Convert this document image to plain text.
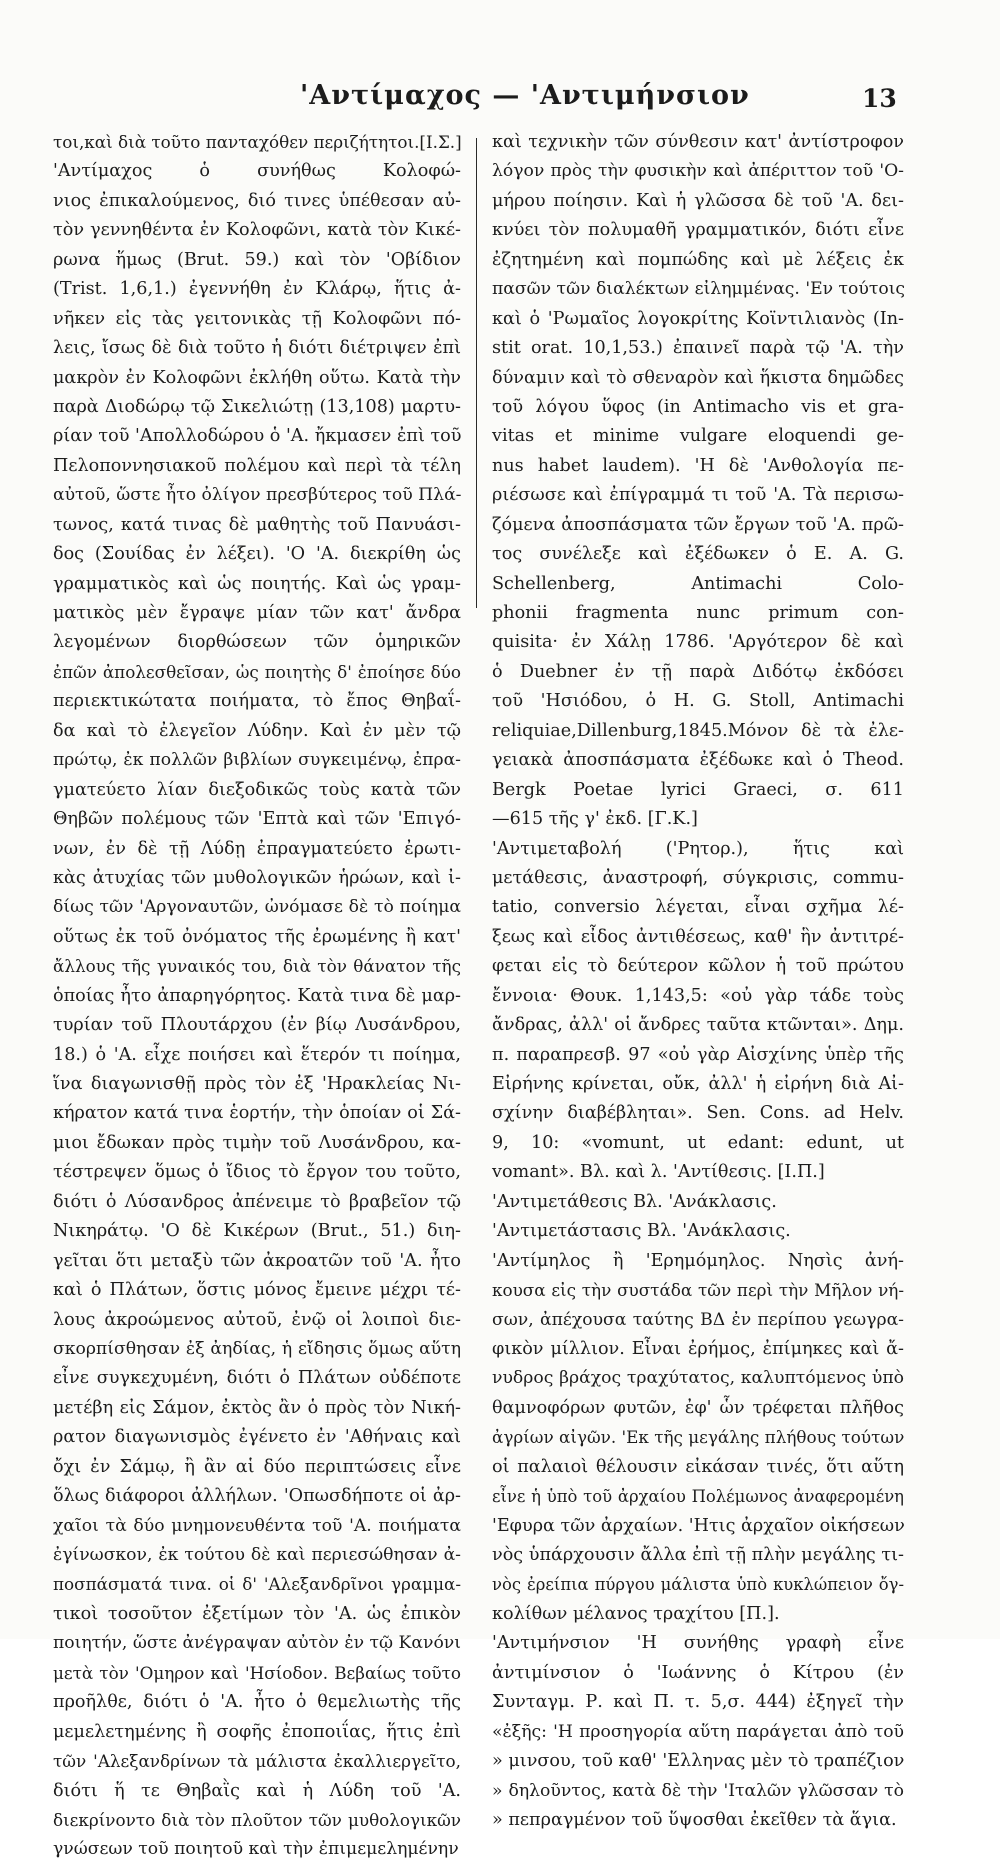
'Αντίμαχος — 'Αντιμήνσιον	13
τοι,καὶ διὰ τοῦτο πανταχόθεν περιζήτητοι.[Ι.Σ.]
'Αντίμαχος ὁ συνήθως Κολοφώ-
νιος ἐπικαλούμενος, διό τινες ὑπέθεσαν αὐ-
τὸν γεννηθέντα ἐν Κολοφῶνι, κατὰ τὸν Κικέ-
ρωνα ἥμως (Brut. 59.) καὶ τὸν 'Οβίδιον
(Trist. 1,6,1.) ἐγεννήθη ἐν Κλάρῳ, ἥτις ἀ-
νῆκεν εἰς τὰς γειτονικὰς τῇ Κολοφῶνι πό-
λεις, ἴσως δὲ διὰ τοῦτο ἡ διότι διέτριψεν ἐπὶ
μακρὸν ἐν Κολοφῶνι ἐκλήθη οὕτω. Κατὰ τὴν
παρὰ Διοδώρῳ τῷ Σικελιώτῃ (13,108) μαρτυ-
ρίαν τοῦ 'Απολλοδώρου ὁ 'Α. ἤκμασεν ἐπὶ τοῦ
Πελοποννησιακοῦ πολέμου καὶ περὶ τὰ τέλη
αὐτοῦ, ὥστε ἦτο ὀλίγον πρεσβύτερος τοῦ Πλά-
τωνος, κατά τινας δὲ μαθητὴς τοῦ Πανυάσι-
δος (Σουίδας ἐν λέξει). 'Ο 'Α. διεκρίθη ὡς
γραμματικὸς καὶ ὡς ποιητής. Καὶ ὡς γραμ-
ματικὸς μὲν ἔγραψε μίαν τῶν κατ' ἄνδρα
λεγομένων διορθώσεων τῶν ὁμηρικῶν
ἐπῶν ἀπολεσθεῖσαν, ὡς ποιητὴς δ' ἐποίησε δύο
περιεκτικώτατα ποιήματα, τὸ ἔπος Θηβαΐ-
δα καὶ τὸ ἐλεγεῖον Λύδην. Καὶ ἐν μὲν τῷ
πρώτῳ, ἐκ πολλῶν βιβλίων συγκειμένῳ, ἐπρα-
γματεύετο λίαν διεξοδικῶς τοὺς κατὰ τῶν
Θηβῶν πολέμους τῶν 'Επτὰ καὶ τῶν 'Επιγό-
νων, ἐν δὲ τῇ Λύδῃ ἐπραγματεύετο ἐρωτι-
κὰς ἀτυχίας τῶν μυθολογικῶν ἡρώων, καὶ ἰ-
δίως τῶν 'Αργοναυτῶν, ὠνόμασε δὲ τὸ ποίημα
οὕτως ἐκ τοῦ ὀνόματος τῆς ἐρωμένης ἢ κατ'
ἄλλους τῆς γυναικός του, διὰ τὸν θάνατον τῆς
ὁποίας ἦτο ἀπαρηγόρητος. Κατὰ τινα δὲ μαρ-
τυρίαν τοῦ Πλουτάρχου (ἐν βίῳ Λυσάνδρου,
18.) ὁ 'Α. εἶχε ποιήσει καὶ ἕτερόν τι ποίημα,
ἵνα διαγωνισθῇ πρὸς τὸν ἐξ 'Ηρακλείας Νι-
κήρατον κατά τινα ἑορτήν, τὴν ὁποίαν οἱ Σά-
μιοι ἔδωκαν πρὸς τιμὴν τοῦ Λυσάνδρου, κα-
τέστρεψεν ὅμως ὁ ἴδιος τὸ ἔργον του τοῦτο,
διότι ὁ Λύσανδρος ἀπένειμε τὸ βραβεῖον τῷ
Νικηράτῳ. 'Ο δὲ Κικέρων (Brut., 51.) διη-
γεῖται ὅτι μεταξὺ τῶν ἀκροατῶν τοῦ 'Α. ἦτο
καὶ ὁ Πλάτων, ὅστις μόνος ἔμεινε μέχρι τέ-
λους ἀκροώμενος αὐτοῦ, ἐνῷ οἱ λοιποὶ διε-
σκορπίσθησαν ἐξ ἀηδίας, ἡ εἴδησις ὅμως αὕτη
εἶνε συγκεχυμένη, διότι ὁ Πλάτων οὐδέποτε
μετέβη εἰς Σάμον, ἐκτὸς ἂν ὁ πρὸς τὸν Νική-
ρατον διαγωνισμὸς ἐγένετο ἐν 'Αθήναις καὶ
ὄχι ἐν Σάμῳ, ἢ ἂν αἱ δύο περιπτώσεις εἶνε
ὅλως διάφοροι ἀλλήλων. 'Οπωσδήποτε οἱ ἀρ-
χαῖοι τὰ δύο μνημονευθέντα τοῦ 'Α. ποιήματα
ἐγίνωσκον, ἐκ τούτου δὲ καὶ περιεσώθησαν ἀ-
ποσπάσματά τινα. οἱ δ' 'Αλεξανδρῖνοι γραμμα-
τικοὶ τοσοῦτον ἐξετίμων τὸν 'Α. ὡς ἐπικὸν
ποιητήν, ὥστε ἀνέγραψαν αὐτὸν ἐν τῷ Κανόνι
μετὰ τὸν 'Ομηρον καὶ 'Ησίοδον. Βεβαίως τοῦτο
προῆλθε, διότι ὁ 'Α. ἦτο ὁ θεμελιωτὴς τῆς
μεμελετημένης ἢ σοφῆς ἐποποιΐας, ἥτις ἐπὶ
τῶν 'Αλεξανδρίνων τὰ μάλιστα ἐκαλλιεργεῖτο,
διότι ἥ τε Θηβαῒς καὶ ἡ Λύδη τοῦ 'Α.
διεκρίνοντο διὰ τὸν πλοῦτον τῶν μυθολογικῶν
γνώσεων τοῦ ποιητοῦ καὶ τὴν ἐπιμεμελημένην
καὶ τεχνικὴν τῶν σύνθεσιν κατ' ἀντίστροφον
λόγον πρὸς τὴν φυσικὴν καὶ ἀπέριττον τοῦ 'Ο-
μήρου ποίησιν. Καὶ ἡ γλῶσσα δὲ τοῦ 'Α. δει-
κνύει τὸν πολυμαθῆ γραμματικόν, διότι εἶνε
ἐζητημένη καὶ πομπώδης καὶ μὲ λέξεις ἐκ
πασῶν τῶν διαλέκτων εἰλημμένας. 'Εν τούτοις
καὶ ὁ 'Ρωμαῖος λογοκρίτης Κοϊντιλιανὸς (In-
stit orat. 10,1,53.) ἐπαινεῖ παρὰ τῷ 'Α. τὴν
δύναμιν καὶ τὸ σθεναρὸν καὶ ἥκιστα δημῶδες
τοῦ λόγου ὕφος (in Antimacho vis et gra-
vitas et minime vulgare eloquendi ge-
nus habet laudem). 'Η δὲ 'Ανθολογία πε-
ριέσωσε καὶ ἐπίγραμμά τι τοῦ 'Α. Τὰ περισω-
ζόμενα ἀποσπάσματα τῶν ἔργων τοῦ 'Α. πρῶ-
τος συνέλεξε καὶ ἐξέδωκεν ὁ E. A. G.
Schellenberg, Antimachi Colo-
phonii fragmenta nunc primum con-
quisita· ἐν Χάλῃ 1786. 'Αργότερον δὲ καὶ
ὁ Duebner ἐν τῇ παρὰ Διδότῳ ἐκδόσει
τοῦ 'Ησιόδου, ὁ H. G. Stoll, Antimachi
reliquiae,Dillenburg,1845.Μόνον δὲ τὰ ἐλε-
γειακὰ ἀποσπάσματα ἐξέδωκε καὶ ὁ Theod.
Bergk Poetae lyrici Graeci, σ. 611
—615 τῆς γ' ἐκδ. [Γ.Κ.]
'Αντιμεταβολή ('Ρητορ.), ἥτις καὶ
μετάθεσις, ἀναστροφή, σύγκρισις, commu-
tatio, conversio λέγεται, εἶναι σχῆμα λέ-
ξεως καὶ εἶδος ἀντιθέσεως, καθ' ἣν ἀντιτρέ-
φεται εἰς τὸ δεύτερον κῶλον ἡ τοῦ πρώτου
ἔννοια· Θουκ. 1,143,5: «οὐ γὰρ τάδε τοὺς
ἄνδρας, ἀλλ' οἱ ἄνδρες ταῦτα κτῶνται». Δημ.
π. παραπρεσβ. 97 «οὐ γὰρ Αἰσχίνης ὑπὲρ τῆς
Εἰρήνης κρίνεται, οὔκ, ἀλλ' ἡ εἰρήνη διὰ Αἰ-
σχίνην διαβέβληται». Sen. Cons. ad Helv.
9, 10: «vomunt, ut edant: edunt, ut
vomant». Βλ. καὶ λ. 'Αντίθεσις. [Ι.Π.]
'Αντιμετάθεσις Βλ. 'Ανάκλασις.
'Αντιμετάστασις Βλ. 'Ανάκλασις.
'Αντίμηλος ἢ 'Ερημόμηλος. Νησὶς ἀνή-
κουσα εἰς τὴν συστάδα τῶν περὶ τὴν Μῆλον νή-
σων, ἀπέχουσα ταύτης ΒΔ ἐν περίπου γεωγρα-
φικὸν μίλλιον. Εἶναι ἐρήμος, ἐπίμηκες καὶ ἄ-
νυδρος βράχος τραχύτατος, καλυπτόμενος ὑπὸ
θαμνοφόρων φυτῶν, ἐφ' ὧν τρέφεται πλῆθος
ἀγρίων αἰγῶν. 'Εκ τῆς μεγάλης πλήθους τούτων
οἱ παλαιοὶ θέλουσιν εἰκάσαν τινές, ὅτι αὕτη
εἶνε ἡ ὑπὸ τοῦ ἀρχαίου Πολέμωνος ἀναφερομένη
'Εφυρα τῶν ἀρχαίων. 'Ητις ἀρχαῖον οἰκήσεων
νὸς ὑπάρχουσιν ἄλλα ἐπὶ τῇ πλὴν μεγάλης τι-
νὸς ἐρείπια πύργου μάλιστα ὑπὸ κυκλώπειον ὄγ-
κολίθων μέλανος τραχίτου [Π.].
'Αντιμήνσιον 'Η συνήθης γραφὴ εἶνε
ἀντιμίνσιον ὁ 'Ιωάννης ὁ Κίτρου (ἐν
Συνταγμ. Ρ. καὶ Π. τ. 5,σ. 444) ἐξηγεῖ τὴν
«ἐξῆς: 'Η προσηγορία αὕτη παράγεται ἀπὸ τοῦ
» μινσου, τοῦ καθ' 'Ελληνας μὲν τὸ τραπέζιον
» δηλοῦντος, κατὰ δὲ τὴν 'Ιταλῶν γλῶσσαν τὸ
» πεπραγμένον τοῦ ὕψοσθαι ἐκεῖθεν τὰ ἅγια.
